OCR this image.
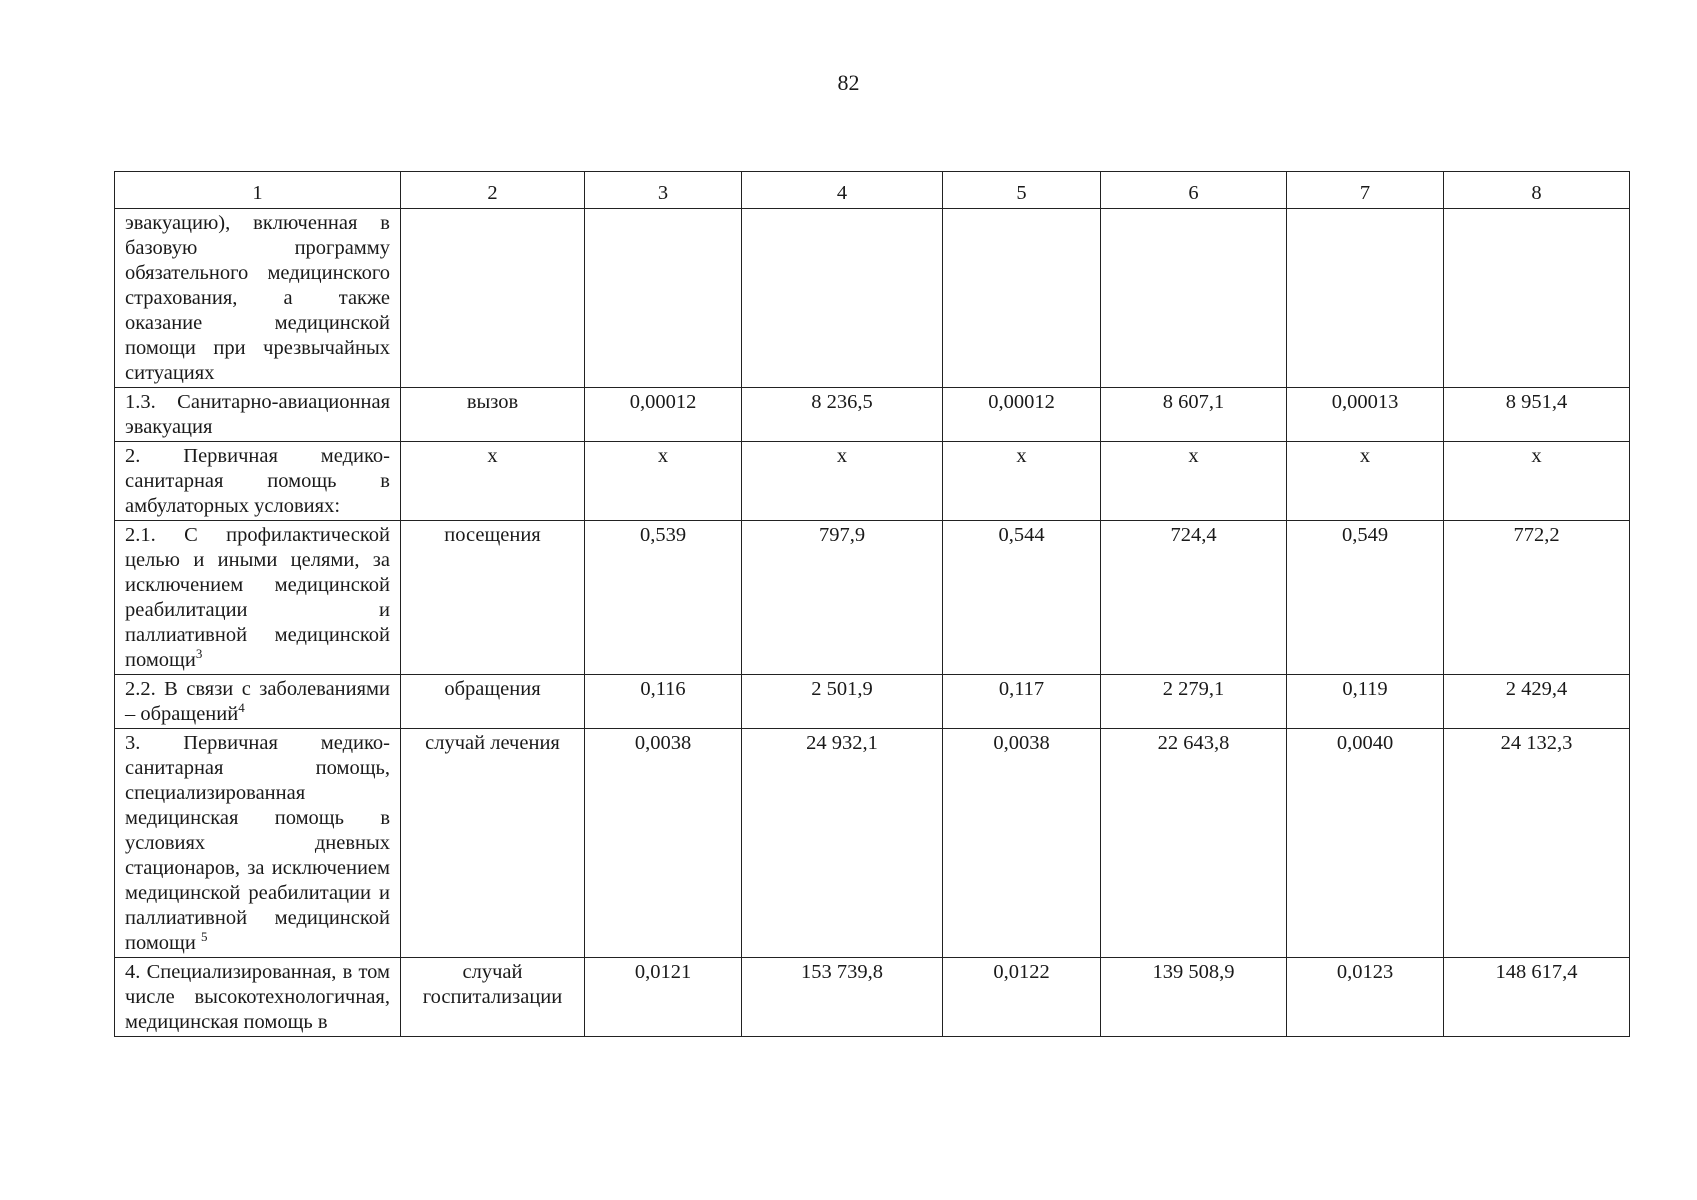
82
1	2	3	4	5	6	7	8
эвакуацию), включенная в базовую программу обязательного медицинского страхования, а также оказание медицинской помощи при чрезвычайных ситуациях							
1.3. Санитарно-авиационная эвакуация	вызов	0,00012	8 236,5	0,00012	8 607,1	0,00013	8 951,4
2. Первичная медико-санитарная помощь в амбулаторных условиях:	х	х	х	х	х	х	х
2.1. С профилактической целью и иными целями, за исключением медицинской реабилитации и паллиативной медицинской помощи$^3$	посещения	0,539	797,9	0,544	724,4	0,549	772,2
2.2. В связи с заболеваниями – обращений$^4$	обращения	0,116	2 501,9	0,117	2 279,1	0,119	2 429,4
3. Первичная медико-санитарная помощь, специализированная медицинская помощь в условиях дневных стационаров, за исключением медицинской реабилитации и паллиативной медицинской помощи $^5$	случай лечения	0,0038	24 932,1	0,0038	22 643,8	0,0040	24 132,3
4. Специализированная, в том числе высокотехнологичная, медицинская помощь в	случай госпитализации	0,0121	153 739,8	0,0122	139 508,9	0,0123	148 617,4
